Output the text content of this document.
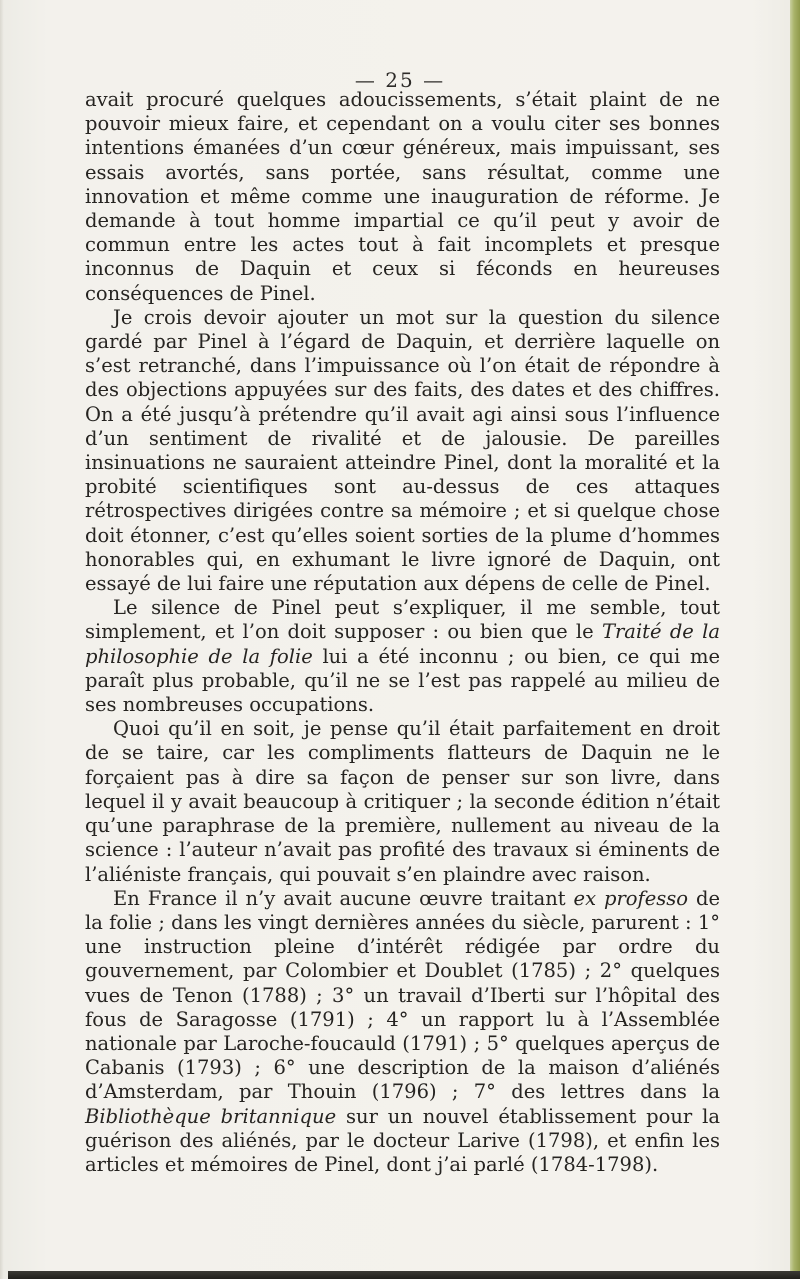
— 25 —

avait procuré quelques adoucissements, s’était plaint de ne pouvoir mieux faire, et cependant on a voulu citer ses bonnes intentions émanées d’un cœur généreux, mais impuissant, ses essais avortés, sans portée, sans résultat, comme une innovation et même comme une inauguration de réforme. Je demande à tout homme impartial ce qu’il peut y avoir de commun entre les actes tout à fait incomplets et presque inconnus de Daquin et ceux si féconds en heureuses conséquences de Pinel.

Je crois devoir ajouter un mot sur la question du silence gardé par Pinel à l’égard de Daquin, et derrière laquelle on s’est retranché, dans l’impuissance où l’on était de répondre à des objections appuyées sur des faits, des dates et des chiffres. On a été jusqu’à prétendre qu’il avait agi ainsi sous l’influence d’un sentiment de rivalité et de jalousie. De pareilles insinuations ne sauraient atteindre Pinel, dont la moralité et la probité scientifiques sont au-dessus de ces attaques rétrospectives dirigées contre sa mémoire ; et si quelque chose doit étonner, c’est qu’elles soient sorties de la plume d’hommes honorables qui, en exhumant le livre ignoré de Daquin, ont essayé de lui faire une réputation aux dépens de celle de Pinel.

Le silence de Pinel peut s’expliquer, il me semble, tout simplement, et l’on doit supposer : ou bien que le Traité de la philosophie de la folie lui a été inconnu ; ou bien, ce qui me paraît plus probable, qu’il ne se l’est pas rappelé au milieu de ses nombreuses occupations.

Quoi qu’il en soit, je pense qu’il était parfaitement en droit de se taire, car les compliments flatteurs de Daquin ne le forçaient pas à dire sa façon de penser sur son livre, dans lequel il y avait beaucoup à critiquer ; la seconde édition n’était qu’une paraphrase de la première, nullement au niveau de la science : l’auteur n’avait pas profité des travaux si éminents de l’aliéniste français, qui pouvait s’en plaindre avec raison.

En France il n’y avait aucune œuvre traitant ex professo de la folie ; dans les vingt dernières années du siècle, parurent : 1° une instruction pleine d’intérêt rédigée par ordre du gouvernement, par Colombier et Doublet (1785) ; 2° quelques vues de Tenon (1788) ; 3° un travail d’Iberti sur l’hôpital des fous de Saragosse (1791) ; 4° un rapport lu à l’Assemblée nationale par Laroche-foucauld (1791) ; 5° quelques aperçus de Cabanis (1793) ; 6° une description de la maison d’aliénés d’Amsterdam, par Thouin (1796) ; 7° des lettres dans la Bibliothèque britannique sur un nouvel établissement pour la guérison des aliénés, par le docteur Larive (1798), et enfin les articles et mémoires de Pinel, dont j’ai parlé (1784-1798).
